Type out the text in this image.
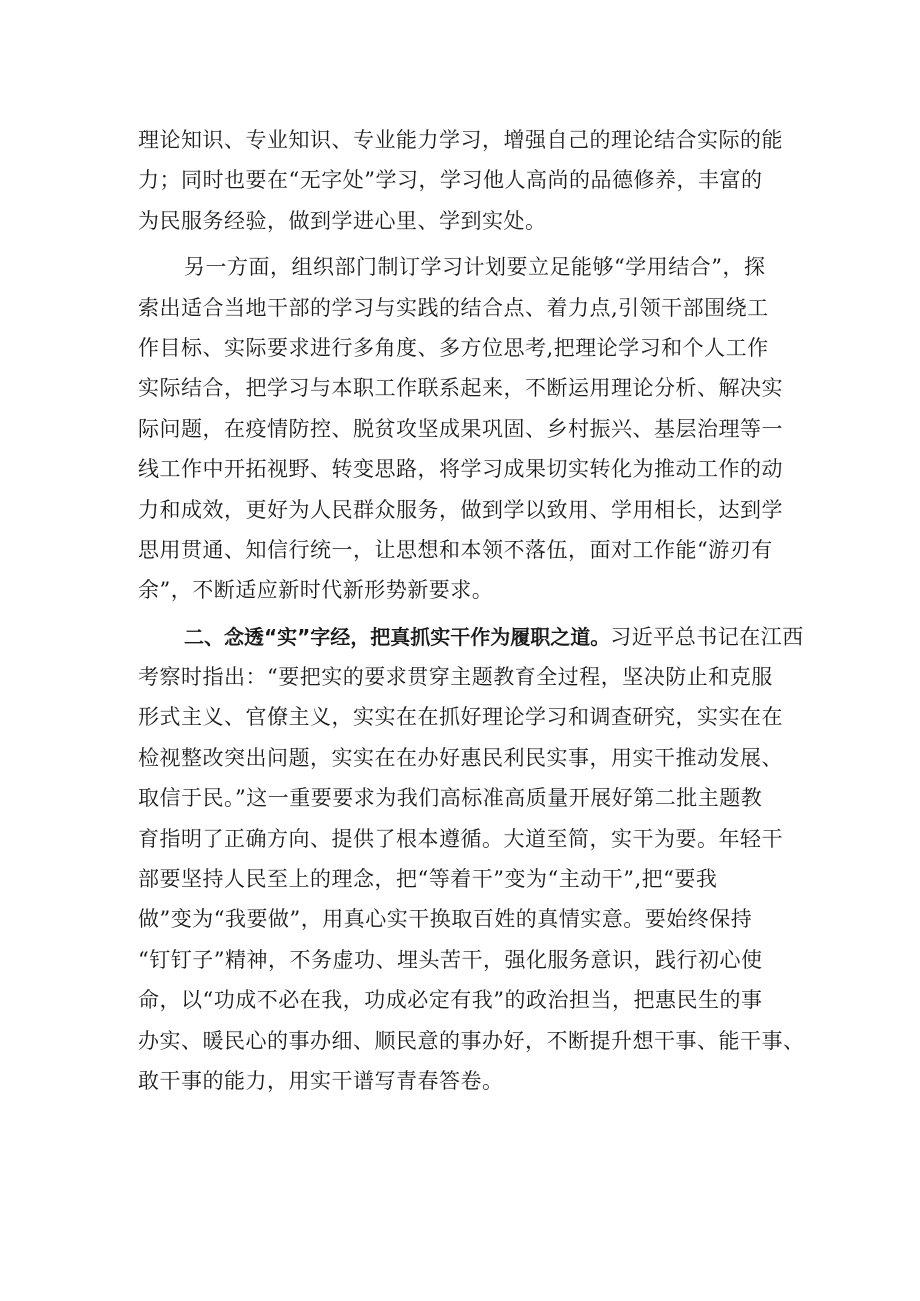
理论知识、专业知识、专业能力学习，增强自己的理论结合实际的能
力；同时也要在“无字处”学习，学习他人高尚的品德修养，丰富的
为民服务经验，做到学进心里、学到实处。
另一方面，组织部门制订学习计划要立足能够“学用结合”，探
索出适合当地干部的学习与实践的结合点、着力点,引领干部围绕工
作目标、实际要求进行多角度、多方位思考,把理论学习和个人工作
实际结合，把学习与本职工作联系起来，不断运用理论分析、解决实
际问题，在疫情防控、脱贫攻坚成果巩固、乡村振兴、基层治理等一
线工作中开拓视野、转变思路，将学习成果切实转化为推动工作的动
力和成效，更好为人民群众服务，做到学以致用、学用相长，达到学
思用贯通、知信行统一，让思想和本领不落伍，面对工作能“游刃有
余”，不断适应新时代新形势新要求。
二、念透“实”字经，把真抓实干作为履职之道。习近平总书记在江西
考察时指出：“要把实的要求贯穿主题教育全过程，坚决防止和克服
形式主义、官僚主义，实实在在抓好理论学习和调查研究，实实在在
检视整改突出问题，实实在在办好惠民利民实事，用实干推动发展、
取信于民。”这一重要要求为我们高标准高质量开展好第二批主题教
育指明了正确方向、提供了根本遵循。大道至简，实干为要。年轻干
部要坚持人民至上的理念，把“等着干”变为“主动干”,把“要我
做”变为“我要做”，用真心实干换取百姓的真情实意。要始终保持
“钉钉子”精神，不务虚功、埋头苦干，强化服务意识，践行初心使
命，以“功成不必在我，功成必定有我”的政治担当，把惠民生的事
办实、暖民心的事办细、顺民意的事办好，不断提升想干事、能干事、
敢干事的能力，用实干谱写青春答卷。
